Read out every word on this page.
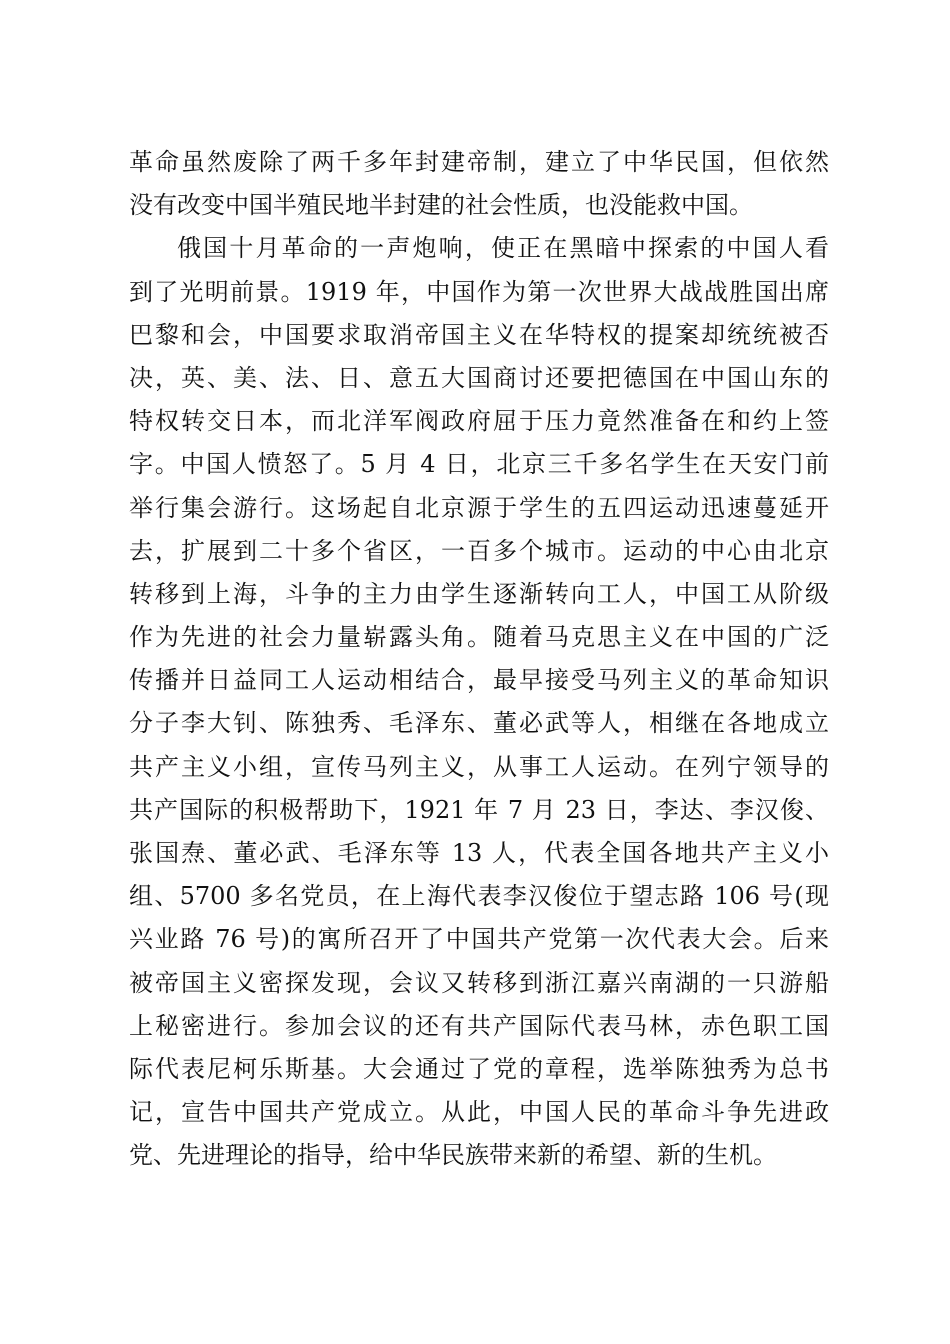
革命虽然废除了两千多年封建帝制，建立了中华民国，但依然
没有改变中国半殖民地半封建的社会性质，也没能救中国。
俄国十月革命的一声炮响，使正在黑暗中探索的中国人看
到了光明前景。1919 年，中国作为第一次世界大战战胜国出席
巴黎和会，中国要求取消帝国主义在华特权的提案却统统被否
决，英、美、法、日、意五大国商讨还要把德国在中国山东的
特权转交日本，而北洋军阀政府屈于压力竟然准备在和约上签
字。中国人愤怒了。5 月 4 日，北京三千多名学生在天安门前
举行集会游行。这场起自北京源于学生的五四运动迅速蔓延开
去，扩展到二十多个省区，一百多个城市。运动的中心由北京
转移到上海，斗争的主力由学生逐渐转向工人，中国工从阶级
作为先进的社会力量崭露头角。随着马克思主义在中国的广泛
传播并日益同工人运动相结合，最早接受马列主义的革命知识
分子李大钊、陈独秀、毛泽东、董必武等人，相继在各地成立
共产主义小组，宣传马列主义，从事工人运动。在列宁领导的
共产国际的积极帮助下，1921 年 7 月 23 日，李达、李汉俊、
张国焘、董必武、毛泽东等 13 人，代表全国各地共产主义小
组、5700 多名党员，在上海代表李汉俊位于望志路 106 号(现
兴业路 76 号)的寓所召开了中国共产党第一次代表大会。后来
被帝国主义密探发现，会议又转移到浙江嘉兴南湖的一只游船
上秘密进行。参加会议的还有共产国际代表马林，赤色职工国
际代表尼柯乐斯基。大会通过了党的章程，选举陈独秀为总书
记，宣告中国共产党成立。从此，中国人民的革命斗争先进政
党、先进理论的指导，给中华民族带来新的希望、新的生机。
